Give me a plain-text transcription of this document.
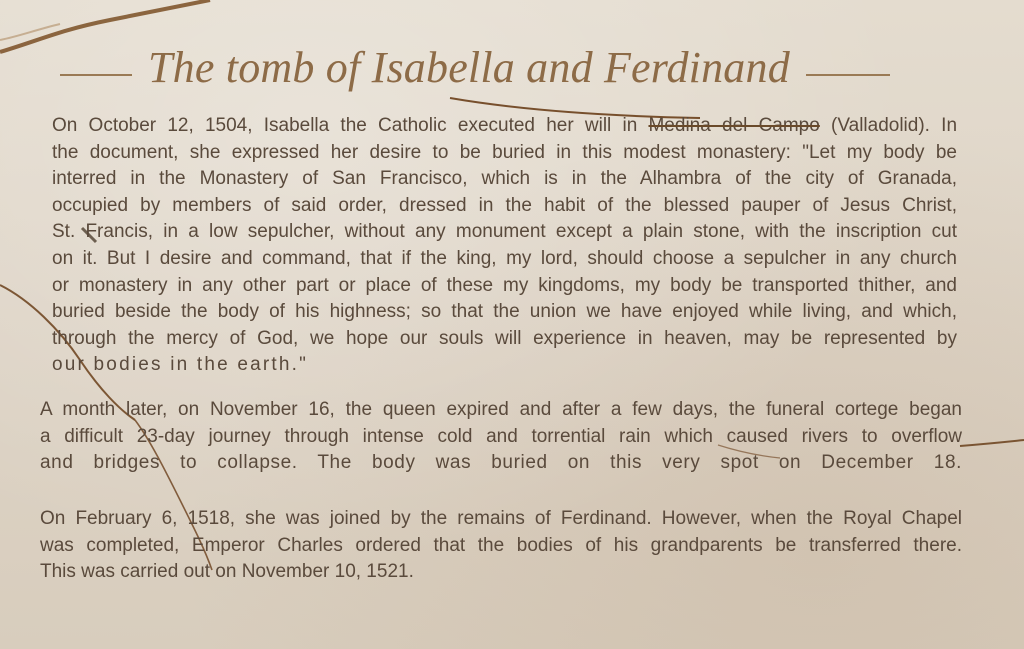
The tomb of Isabella and Ferdinand
On October 12, 1504, Isabella the Catholic executed her will in Medina del Campo (Valladolid). In
the document, she expressed her desire to be buried in this modest monastery: "Let my body be
interred in the Monastery of San Francisco, which is in the Alhambra of the city of Granada,
occupied by members of said order, dressed in the habit of the blessed pauper of Jesus Christ,
St. Francis, in a low sepulcher, without any monument except a plain stone, with the inscription cut
on it. But I desire and command, that if the king, my lord, should choose a sepulcher in any church
or monastery in any other part or place of these my kingdoms, my body be transported thither, and
buried beside the body of his highness; so that the union we have enjoyed while living, and which,
through the mercy of God, we hope our souls will experience in heaven, may be represented by
our bodies in the earth."
A month later, on November 16, the queen expired and after a few days, the funeral cortege began
a difficult 23-day journey through intense cold and torrential rain which caused rivers to overflow
and bridges to collapse. The body was buried on this very spot on December 18.
On February 6, 1518, she was joined by the remains of Ferdinand. However, when the Royal Chapel
was completed, Emperor Charles ordered that the bodies of his grandparents be transferred there.
This was carried out on November 10, 1521.
